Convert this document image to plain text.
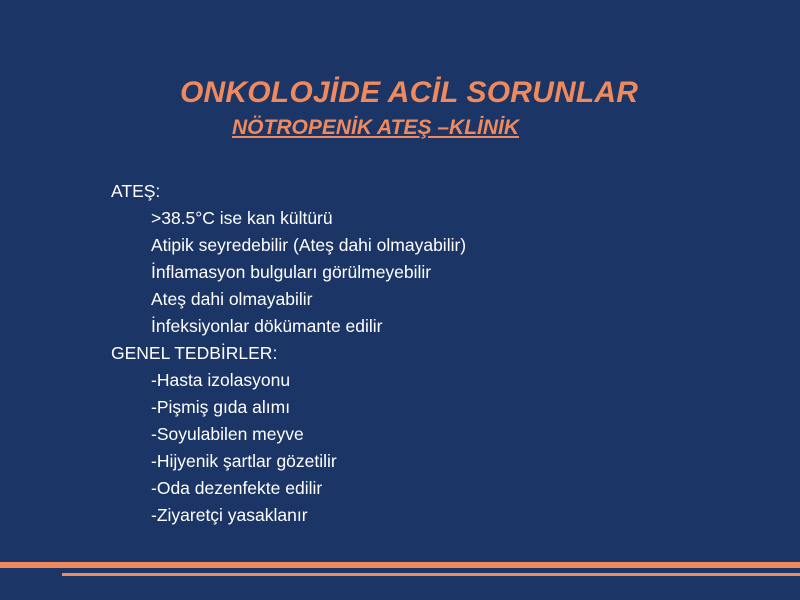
ONKOLOJİDE ACİL SORUNLAR
NÖTROPENİK ATEŞ –KLİNİK
ATEŞ:
>38.5°C ise kan kültürü
Atipik seyredebilir (Ateş dahi olmayabilir)
İnflamasyon bulguları görülmeyebilir
Ateş dahi olmayabilir
İnfeksiyonlar dökümante edilir
GENEL TEDBİRLER:
-Hasta izolasyonu
-Pişmiş gıda alımı
-Soyulabilen meyve
-Hijyenik şartlar gözetilir
-Oda dezenfekte edilir
-Ziyaretçi yasaklanır
